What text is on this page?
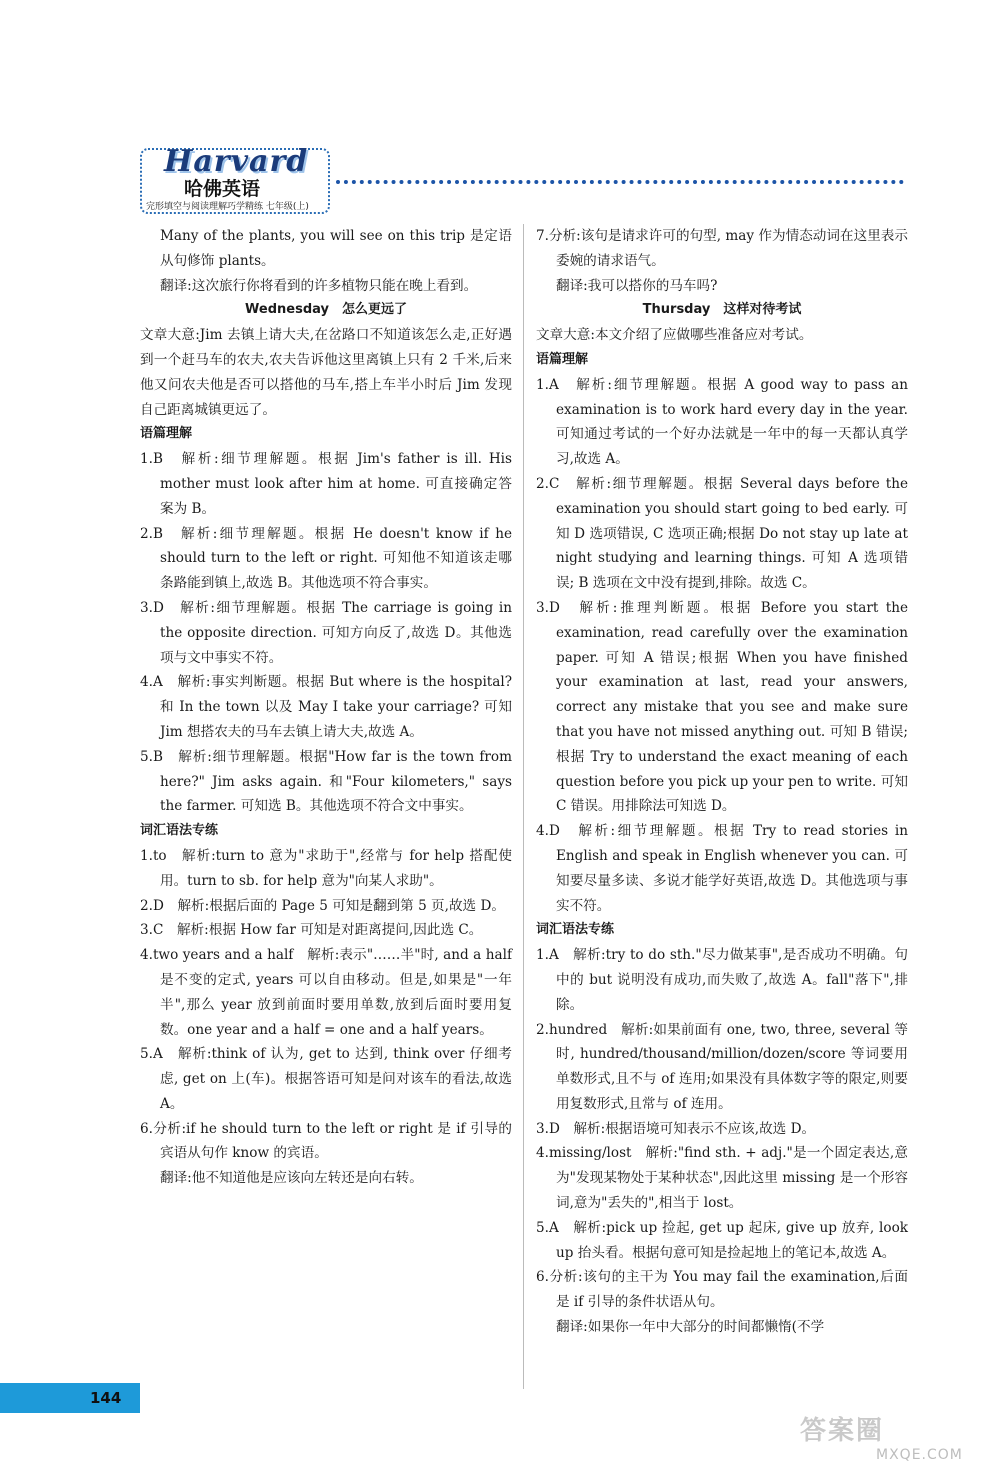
Harvard
哈佛英语
完形填空与阅读理解巧学精练 七年级(上)

Many of the plants, you will see on this trip 是定语从句修饰 plants。

翻译:这次旅行你将看到的许多植物只能在晚上看到。

Wednesday　怎么更远了

文章大意:Jim 去镇上请大夫,在岔路口不知道该怎么走,正好遇到一个赶马车的农夫,农夫告诉他这里离镇上只有 2 千米,后来他又问农夫他是否可以搭他的马车,搭上车半小时后 Jim 发现自己距离城镇更远了。

语篇理解

1.B　解析:细节理解题。根据 Jim's father is ill. His mother must look after him at home. 可直接确定答案为 B。

2.B　解析:细节理解题。根据 He doesn't know if he should turn to the left or right. 可知他不知道该走哪条路能到镇上,故选 B。其他选项不符合事实。

3.D　解析:细节理解题。根据 The carriage is going in the opposite direction. 可知方向反了,故选 D。其他选项与文中事实不符。

4.A　解析:事实判断题。根据 But where is the hospital? 和 In the town 以及 May I take your carriage? 可知 Jim 想搭农夫的马车去镇上请大夫,故选 A。

5.B　解析:细节理解题。根据"How far is the town from here?" Jim asks again. 和"Four kilometers," says the farmer. 可知选 B。其他选项不符合文中事实。

词汇语法专练

1.to　解析:turn to 意为"求助于",经常与 for help 搭配使用。turn to sb. for help 意为"向某人求助"。

2.D　解析:根据后面的 Page 5 可知是翻到第 5 页,故选 D。

3.C　解析:根据 How far 可知是对距离提问,因此选 C。

4.two years and a half　解析:表示"……半"时, and a half 是不变的定式, years 可以自由移动。但是,如果是"一年半",那么 year 放到前面时要用单数,放到后面时要用复数。one year and a half = one and a half years。

5.A　解析:think of 认为, get to 达到, think over 仔细考虑, get on 上(车)。根据答语可知是问对该车的看法,故选 A。

6.分析:if he should turn to the left or right 是 if 引导的宾语从句作 know 的宾语。

翻译:他不知道他是应该向左转还是向右转。

7.分析:该句是请求许可的句型, may 作为情态动词在这里表示委婉的请求语气。

翻译:我可以搭你的马车吗?

Thursday　这样对待考试

文章大意:本文介绍了应做哪些准备应对考试。

语篇理解

1.A　解析:细节理解题。根据 A good way to pass an examination is to work hard every day in the year. 可知通过考试的一个好办法就是一年中的每一天都认真学习,故选 A。

2.C　解析:细节理解题。根据 Several days before the examination you should start going to bed early. 可知 D 选项错误, C 选项正确;根据 Do not stay up late at night studying and learning things. 可知 A 选项错误; B 选项在文中没有提到,排除。故选 C。

3.D　解析:推理判断题。根据 Before you start the examination, read carefully over the examination paper. 可知 A 错误;根据 When you have finished your examination at last, read your answers, correct any mistake that you see and make sure that you have not missed anything out. 可知 B 错误;根据 Try to understand the exact meaning of each question before you pick up your pen to write. 可知 C 错误。用排除法可知选 D。

4.D　解析:细节理解题。根据 Try to read stories in English and speak in English whenever you can. 可知要尽量多读、多说才能学好英语,故选 D。其他选项与事实不符。

词汇语法专练

1.A　解析:try to do sth."尽力做某事",是否成功不明确。句中的 but 说明没有成功,而失败了,故选 A。fall"落下",排除。

2.hundred　解析:如果前面有 one, two, three, several 等时, hundred/thousand/million/dozen/score 等词要用单数形式,且不与 of 连用;如果没有具体数字等的限定,则要用复数形式,且常与 of 连用。

3.D　解析:根据语境可知表示不应该,故选 D。

4.missing/lost　解析:"find sth. + adj."是一个固定表达,意为"发现某物处于某种状态",因此这里 missing 是一个形容词,意为"丢失的",相当于 lost。

5.A　解析:pick up 捡起, get up 起床, give up 放弃, look up 抬头看。根据句意可知是捡起地上的笔记本,故选 A。

6.分析:该句的主干为 You may fail the examination,后面是 if 引导的条件状语从句。

翻译:如果你一年中大部分的时间都懒惰(不学

144
答案圈
MXQE.COM
